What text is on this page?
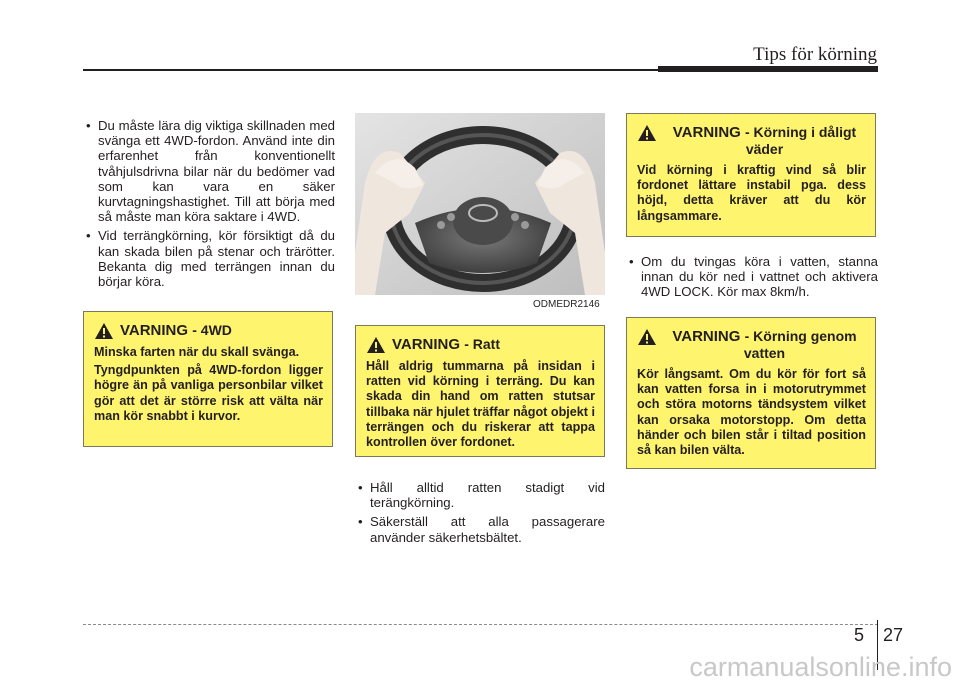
Tips för körning
• Du måste lära dig viktiga skillnaden med svänga ett 4WD-fordon. Använd inte din erfarenhet från konventionellt tvåhjulsdrivna bilar när du bedömer vad som kan vara en säker kurvtagningshastighet. Till att börja med så måste man köra saktare i 4WD.
• Vid terrängkörning, kör försiktigt då du kan skada bilen på stenar och trärötter. Bekanta dig med terrängen innan du börjar köra.
VARNING - 4WD

Minska farten när du skall svänga.

Tyngdpunkten på 4WD-fordon ligger högre än på vanliga personbilar vilket gör att det är större risk att välta när man kör snabbt i kurvor.

ODMEDR2146
VARNING - Ratt

Håll aldrig tummarna på insidan i ratten vid körning i terräng. Du kan skada din hand om ratten stutsar tillbaka när hjulet träffar något objekt i terrängen och du riskerar att tappa kontrollen över fordonet.

• Håll alltid ratten stadigt vid terängkörning.
• Säkerställ att alla passagerare använder säkerhetsbältet.
VARNING - Körning i dåligt väder

Vid körning i kraftig vind så blir fordonet lättare instabil pga. dess höjd, detta kräver att du kör långsammare.

• Om du tvingas köra i vatten, stanna innan du kör ned i vattnet och aktivera 4WD LOCK. Kör max 8km/h.
VARNING - Körning genom vatten

Kör långsamt. Om du kör för fort så kan vatten forsa in i motorutrymmet och störa motorns tändsystem vilket kan orsaka motorstopp. Om detta händer och bilen står i tiltad position så kan bilen välta.

5 27
carmanualsonline.info
